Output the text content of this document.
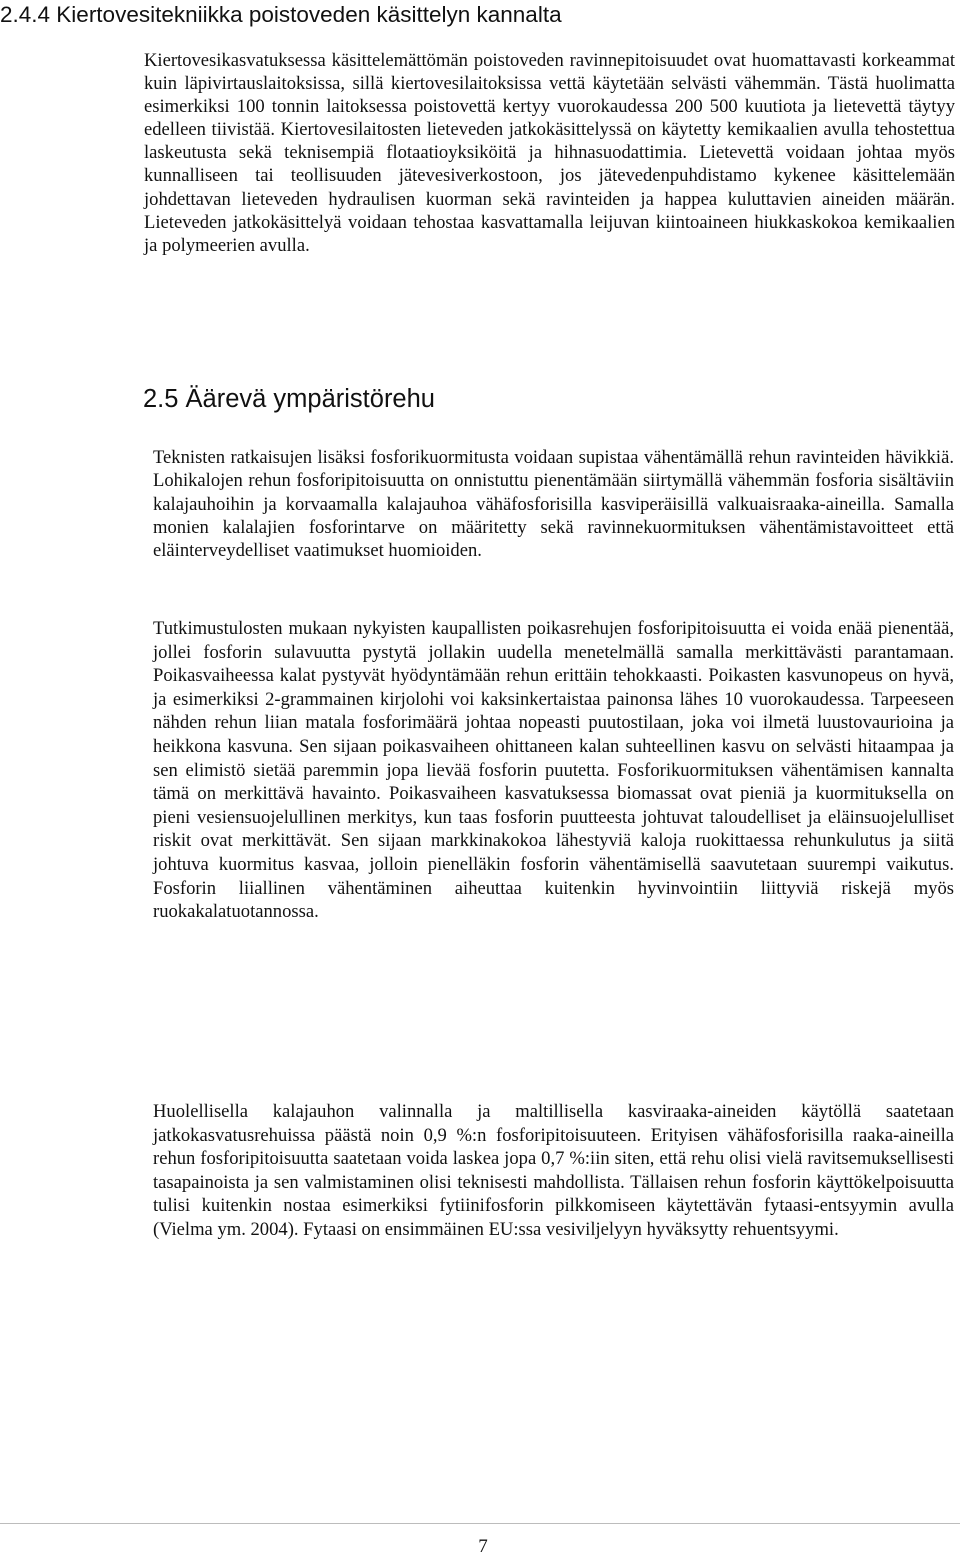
2.4.4 Kiertovesitekniikka poistoveden käsittelyn kannalta

Kiertovesikasvatuksessa käsittelemättömän poistoveden ravinnepitoisuudet ovat huomattavasti korkeammat kuin läpivirtauslaitoksissa, sillä kiertovesilaitoksissa vettä käytetään selvästi vähemmän. Tästä huolimatta esimerkiksi 100 tonnin laitoksessa poistovettä kertyy vuorokaudessa 200 500 kuutiota ja lietevettä täytyy edelleen tiivistää. Kiertovesilaitosten lieteveden jatkokäsittelyssä on käytetty kemikaalien avulla tehostettua laskeutusta sekä teknisempiä flotaatioyksiköitä ja hihnasuodattimia. Lietevettä voidaan johtaa myös kunnalliseen tai teollisuuden jätevesiverkostoon, jos jätevedenpuhdistamo kykenee käsittelemään johdettavan lieteveden hydraulisen kuorman sekä ravinteiden ja happea kuluttavien aineiden määrän. Lieteveden jatkokäsittelyä voidaan tehostaa kasvattamalla leijuvan kiintoaineen hiukkaskokoa kemikaalien ja polymeerien avulla.

2.5 Äärevä ympäristörehu

Teknisten ratkaisujen lisäksi fosforikuormitusta voidaan supistaa vähentämällä rehun ravinteiden hävikkiä. Lohikalojen rehun fosforipitoisuutta on onnistuttu pienentämään siirtymällä vähemmän fosforia sisältäviin kalajauhoihin ja korvaamalla kalajauhoa vähäfosforisilla kasviperäisillä valkuaisraaka-aineilla. Samalla monien kalalajien fosforintarve on määritetty sekä ravinnekuormituksen vähentämistavoitteet että eläinterveydelliset vaatimukset huomioiden.

Tutkimustulosten mukaan nykyisten kaupallisten poikasrehujen fosforipitoisuutta ei voida enää pienentää, jollei fosforin sulavuutta pystytä jollakin uudella menetelmällä samalla merkittävästi parantamaan. Poikasvaiheessa kalat pystyvät hyödyntämään rehun erittäin tehokkaasti. Poikasten kasvunopeus on hyvä, ja esimerkiksi 2-grammainen kirjolohi voi kaksinkertaistaa painonsa lähes 10 vuorokaudessa. Tarpeeseen nähden rehun liian matala fosforimäärä johtaa nopeasti puutostilaan, joka voi ilmetä luustovaurioina ja heikkona kasvuna. Sen sijaan poikasvaiheen ohittaneen kalan suhteellinen kasvu on selvästi hitaampaa ja sen elimistö sietää paremmin jopa lievää fosforin puutetta. Fosforikuormituksen vähentämisen kannalta tämä on merkittävä havainto. Poikasvaiheen kasvatuksessa biomassat ovat pieniä ja kuormituksella on pieni vesiensuojelullinen merkitys, kun taas fosforin puutteesta johtuvat taloudelliset ja eläinsuojelulliset riskit ovat merkittävät. Sen sijaan markkinakokoa lähestyviä kaloja ruokittaessa rehunkulutus ja siitä johtuva kuormitus kasvaa, jolloin pienelläkin fosforin vähentämisellä saavutetaan suurempi vaikutus. Fosforin liiallinen vähentäminen aiheuttaa kuitenkin hyvinvointiin liittyviä riskejä myös ruokakalatuotannossa.

Huolellisella kalajauhon valinnalla ja maltillisella kasviraaka-aineiden käytöllä saatetaan jatkokasvatusrehuissa päästä noin 0,9 %:n fosforipitoisuuteen. Erityisen vähäfosforisilla raaka-aineilla rehun fosforipitoisuutta saatetaan voida laskea jopa 0,7 %:iin siten, että rehu olisi vielä ravitsemuksellisesti tasapainoista ja sen valmistaminen olisi teknisesti mahdollista. Tällaisen rehun fosforin käyttökelpoisuutta tulisi kuitenkin nostaa esimerkiksi fytiinifosforin pilkkomiseen käytettävän fytaasi-entsyymin avulla (Vielma ym. 2004). Fytaasi on ensimmäinen EU:ssa vesiviljelyyn hyväksytty rehuentsyymi.

7
